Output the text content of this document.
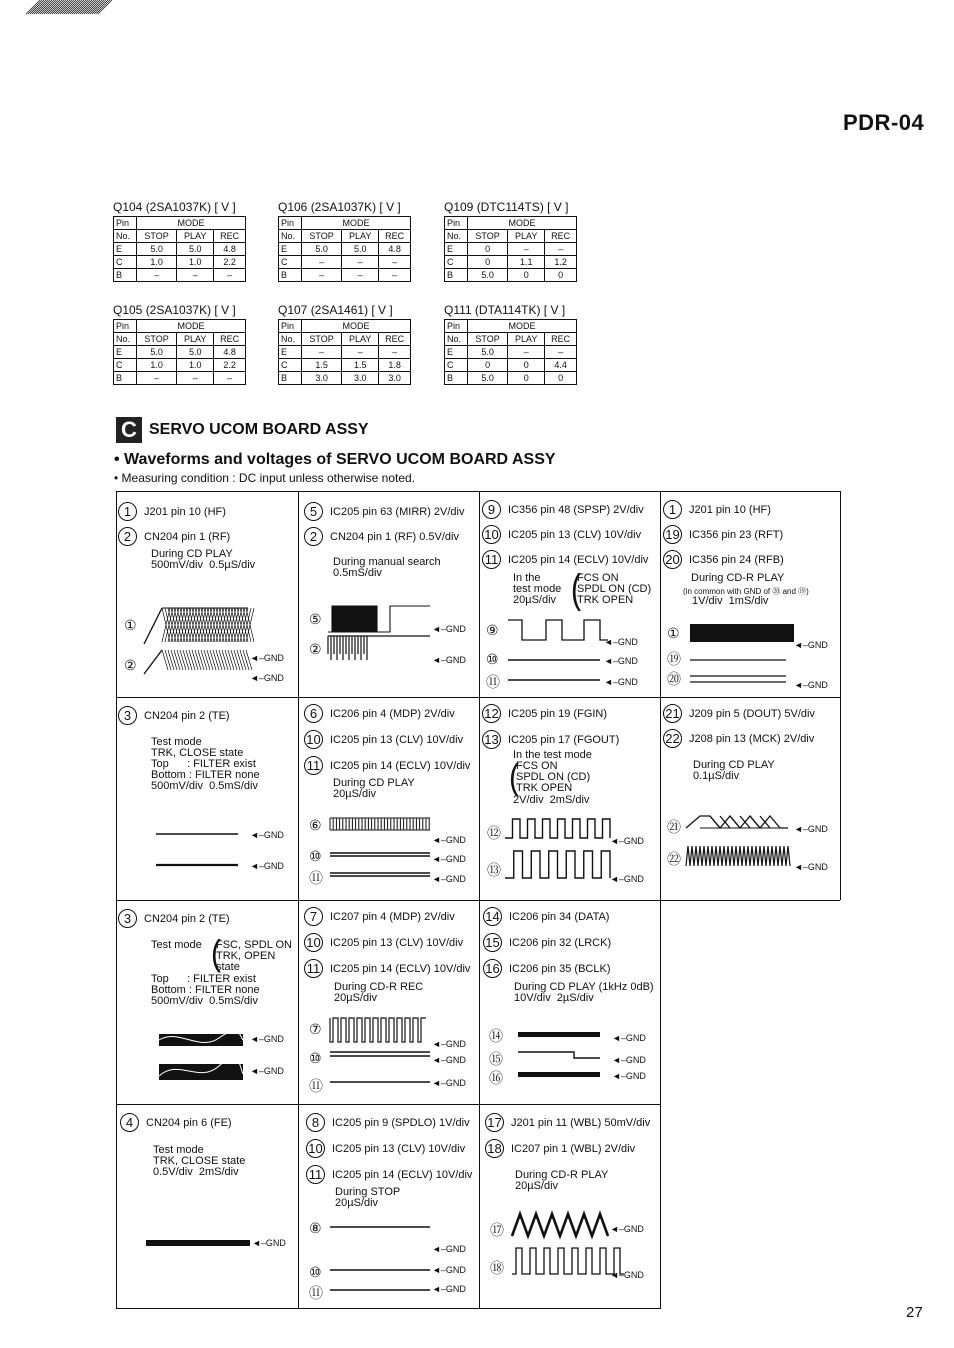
PDR-04
27
Q104 (2SA1037K) [ V ]
Pin	MODE		
No.	STOP	PLAY	REC
E	5.0	5.0	4.8
C	1.0	1.0	2.2
B	–	–	–
Q106 (2SA1037K) [ V ]
Pin	MODE		
No.	STOP	PLAY	REC
E	5.0	5.0	4.8
C	–	–	–
B	–	–	–
Q109 (DTC114TS) [ V ]
Pin	MODE		
No.	STOP	PLAY	REC
E	0	–	–
C	0	1.1	1.2
B	5.0	0	0
Q105 (2SA1037K) [ V ]
Pin	MODE		
No.	STOP	PLAY	REC
E	5.0	5.0	4.8
C	1.0	1.0	2.2
B	–	–	–
Q107 (2SA1461) [ V ]
Pin	MODE		
No.	STOP	PLAY	REC
E	–	–	–
C	1.5	1.5	1.8
B	3.0	3.0	3.0
Q111 (DTA114TK) [ V ]
Pin	MODE		
No.	STOP	PLAY	REC
E	5.0	–	–
C	0	0	4.4
B	5.0	0	0
C SERVO UCOM BOARD ASSY
• Waveforms and voltages of SERVO UCOM BOARD ASSY
• Measuring condition : DC input unless otherwise noted.
1	J201 pin 10 (HF)
2	CN204 pin 1 (RF)
During CD PLAY
500mV/div  0.5µS/div
①
②	◄–GND
◄–GND
5	IC205 pin 63 (MIRR) 2V/div
2	CN204 pin 1 (RF) 0.5V/div
During manual search
0.5mS/div
⑤
②
◄–GND
◄–GND
9	IC356 pin 48 (SPSP) 2V/div
10 IC205 pin 13 (CLV) 10V/div
11 IC205 pin 14 (ECLV) 10V/div
In the
test mode
20µS/div
FCS ON
SPDL ON (CD)
TRK OPEN
(
⑨
⑩
⑪
◄–GND
◄–GND
◄–GND
1	J201 pin 10 (HF)
19 IC356 pin 23 (RFT)
20 IC356 pin 24 (RFB)
During CD-R PLAY
(in common with GND of ⑳ and ⑲)
1V/div  1mS/div
①
⑲
⑳
◄–GND
◄–GND
3	CN204 pin 2 (TE)
Test mode
TRK, CLOSE state
Top      : FILTER exist
Bottom : FILTER none
500mV/div  0.5mS/div
◄–GND
◄–GND
6	IC206 pin 4 (MDP) 2V/div
10 IC205 pin 13 (CLV) 10V/div
11 IC205 pin 14 (ECLV) 10V/div
During CD PLAY
20µS/div
⑥
⑩
⑪
◄–GND
◄–GND
◄–GND
12 IC205 pin 19 (FGIN)
13 IC205 pin 17 (FGOUT)
In the test mode
FCS ON
SPDL ON (CD)
TRK OPEN
2V/div  2mS/div
(
⑫
⑬
◄–GND
◄–GND
21 J209 pin 5 (DOUT) 5V/div
22 J208 pin 13 (MCK) 2V/div
During CD PLAY
0.1µS/div
㉑
㉒
◄–GND
◄–GND
3	CN204 pin 2 (TE)
Test mode (
FSC, SPDL ON
TRK, OPEN
state
Top      : FILTER exist
Bottom : FILTER none
500mV/div  0.5mS/div
◄–GND
◄–GND
7	IC207 pin 4 (MDP) 2V/div
10 IC205 pin 13 (CLV) 10V/div
11 IC205 pin 14 (ECLV) 10V/div
During CD-R REC
20µS/div
⑦
⑩
⑪
◄–GND
◄–GND
◄–GND
14 IC206 pin 34 (DATA)
15 IC206 pin 32 (LRCK)
16 IC206 pin 35 (BCLK)
During CD PLAY (1kHz 0dB)
10V/div  2µS/div
⑭
⑮
⑯
◄–GND
◄–GND
◄–GND
4	CN204 pin 6 (FE)
Test mode
TRK, CLOSE state
0.5V/div  2mS/div
◄–GND
8	IC205 pin 9 (SPDLO) 1V/div
10 IC205 pin 13 (CLV) 10V/div
11 IC205 pin 14 (ECLV) 10V/div
During STOP
20µS/div
⑧
⑩
⑪
◄–GND
◄–GND
◄–GND
17 J201 pin 11 (WBL) 50mV/div
18 IC207 pin 1 (WBL) 2V/div
During CD-R PLAY
20µS/div
⑰
⑱
◄–GND
◄–GND
